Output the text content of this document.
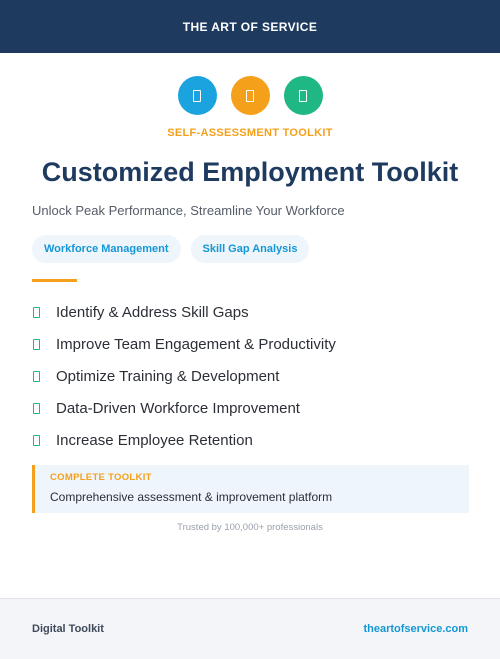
THE ART OF SERVICE
SELF-ASSESSMENT TOOLKIT
Customized Employment Toolkit
Unlock Peak Performance, Streamline Your Workforce
Workforce Management	Skill Gap Analysis
Identify & Address Skill Gaps
Improve Team Engagement & Productivity
Optimize Training & Development
Data-Driven Workforce Improvement
Increase Employee Retention
COMPLETE TOOLKIT
Comprehensive assessment & improvement platform
Trusted by 100,000+ professionals
Digital Toolkit	theartofservice.com
